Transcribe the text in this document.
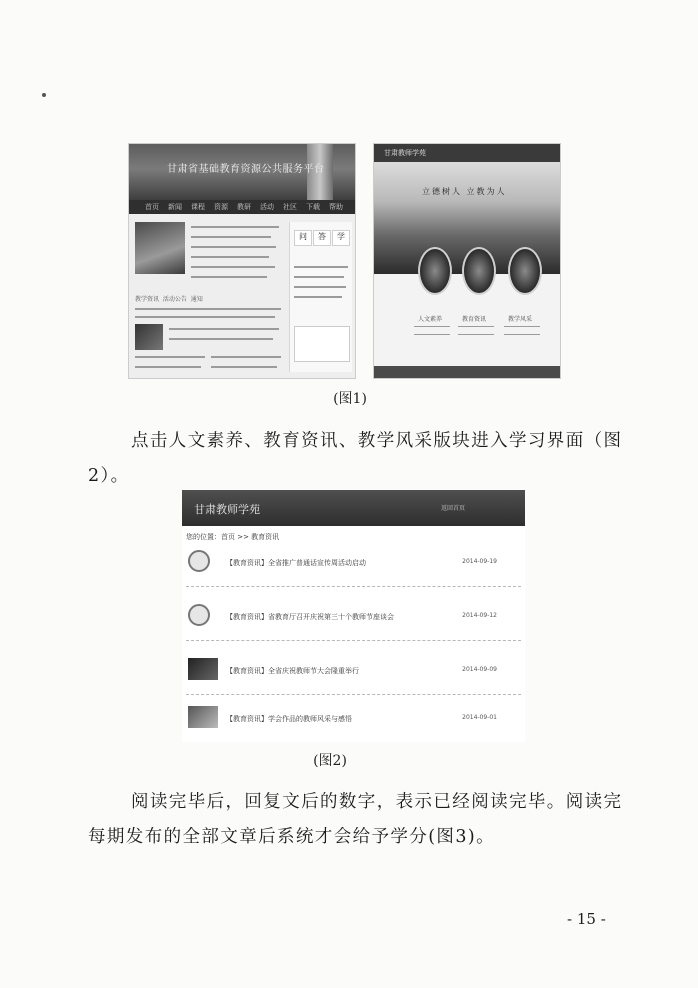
甘肃省基础教育资源公共服务平台
首页 新闻 课程 资源 教研 活动 社区 下载 帮助
教学资讯 活动公告 通知
问	答	学
甘肃教师学苑
立德树人 立教为人
人文素养	教育资讯	教学风采
(图1)
点击人文素养、教育资讯、教学风采版块进入学习界面（图
2）。
甘肃教师学苑	返回首页
您的位置：首页 >> 教育资讯
【教育资讯】全省推广普通话宣传周活动启动	2014-09-19
【教育资讯】省教育厅召开庆祝第三十个教师节座谈会	2014-09-12
【教育资讯】全省庆祝教师节大会隆重举行	2014-09-09
【教育资讯】学会作品的教师风采与感悟	2014-09-01
(图2)
阅读完毕后，回复文后的数字，表示已经阅读完毕。阅读完
每期发布的全部文章后系统才会给予学分(图3)。
- 15 -
